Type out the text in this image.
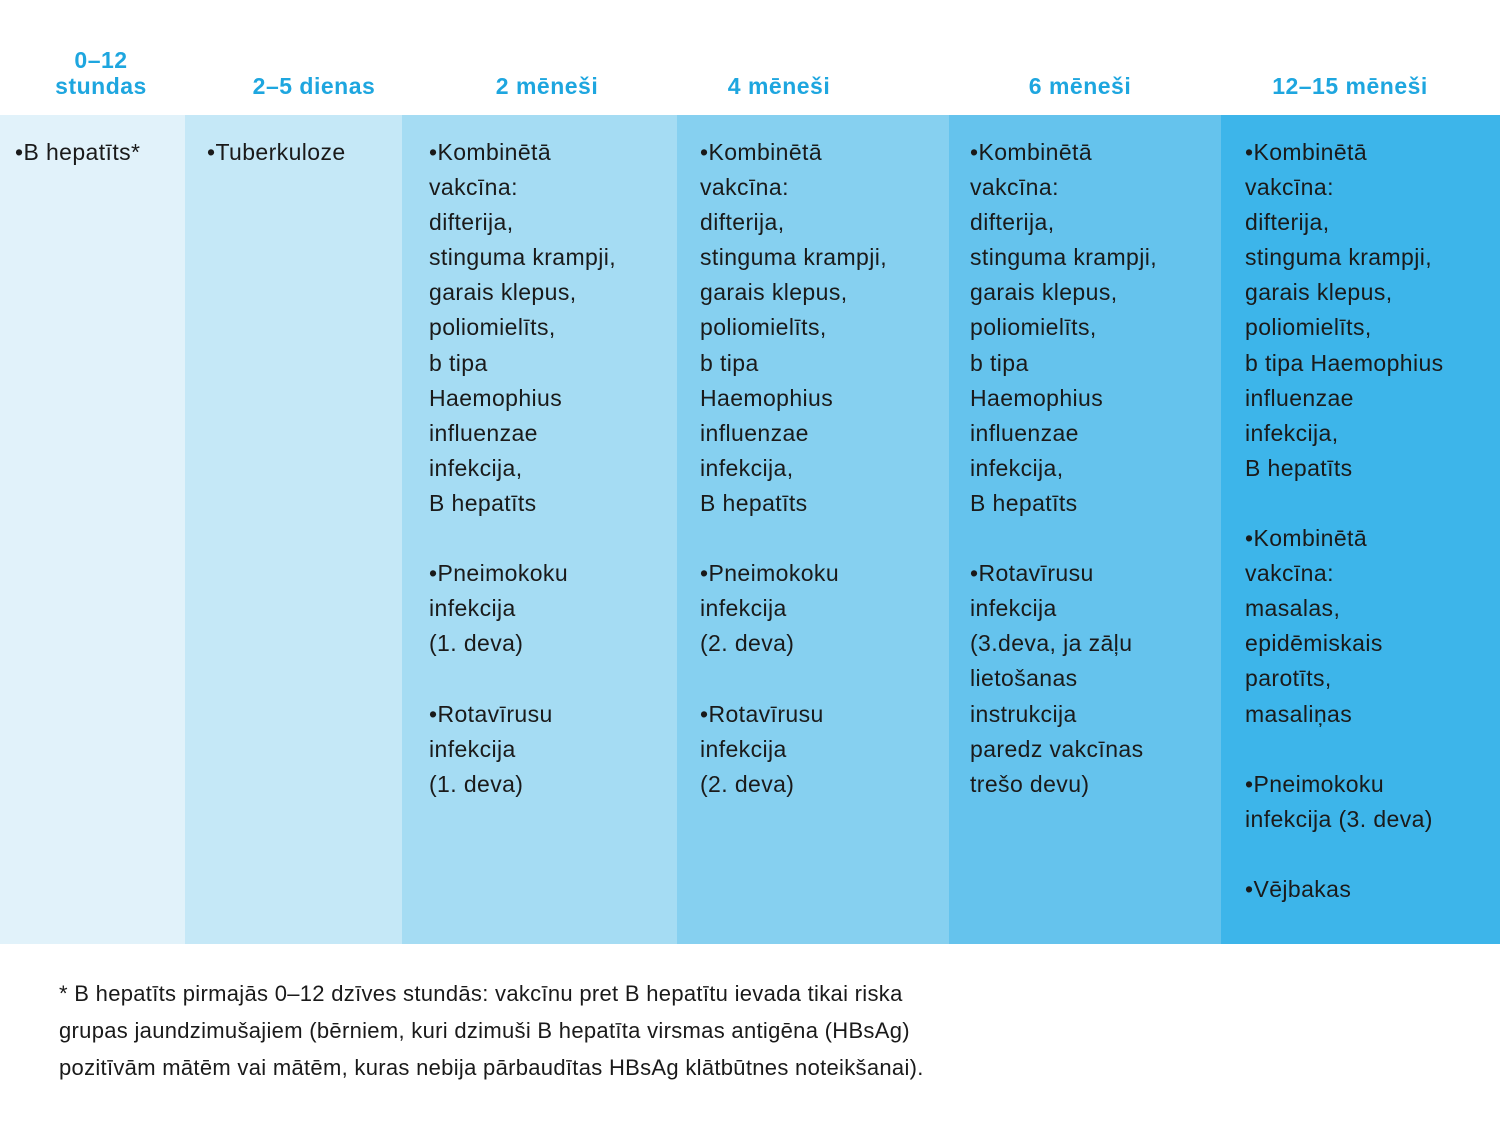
0–12
stundas

•B hepatīts*

2–5 dienas

•Tuberkuloze

2 mēneši

•Kombinētā
vakcīna:
difterija,
stinguma krampji,
garais klepus,
poliomielīts,
b tipa
Haemophius
influenzae
infekcija,
B hepatīts

•Pneimokoku
infekcija
(1. deva)

•Rotavīrusu
infekcija
(1. deva)

4 mēneši

•Kombinētā
vakcīna:
difterija,
stinguma krampji,
garais klepus,
poliomielīts,
b tipa
Haemophius
influenzae
infekcija,
B hepatīts

•Pneimokoku
infekcija
(2. deva)

•Rotavīrusu
infekcija
(2. deva)

6 mēneši

•Kombinētā
vakcīna:
difterija,
stinguma krampji,
garais klepus,
poliomielīts,
b tipa
Haemophius
influenzae
infekcija,
B hepatīts

•Rotavīrusu
infekcija
(3.deva, ja zāļu
lietošanas
instrukcija
paredz vakcīnas
trešo devu)

12–15 mēneši

•Kombinētā
vakcīna:
difterija,
stinguma krampji,
garais klepus,
poliomielīts,
b tipa Haemophius
influenzae
infekcija,
B hepatīts

•Kombinētā
vakcīna:
masalas,
epidēmiskais
parotīts,
masaliņas

•Pneimokoku
infekcija (3. deva)

•Vējbakas

* B hepatīts pirmajās 0–12 dzīves stundās: vakcīnu pret B hepatītu ievada tikai riska
grupas jaundzimušajiem (bērniem, kuri dzimuši B hepatīta virsmas antigēna (HBsAg)
pozitīvām mātēm vai mātēm, kuras nebija pārbaudītas HBsAg klātbūtnes noteikšanai).
